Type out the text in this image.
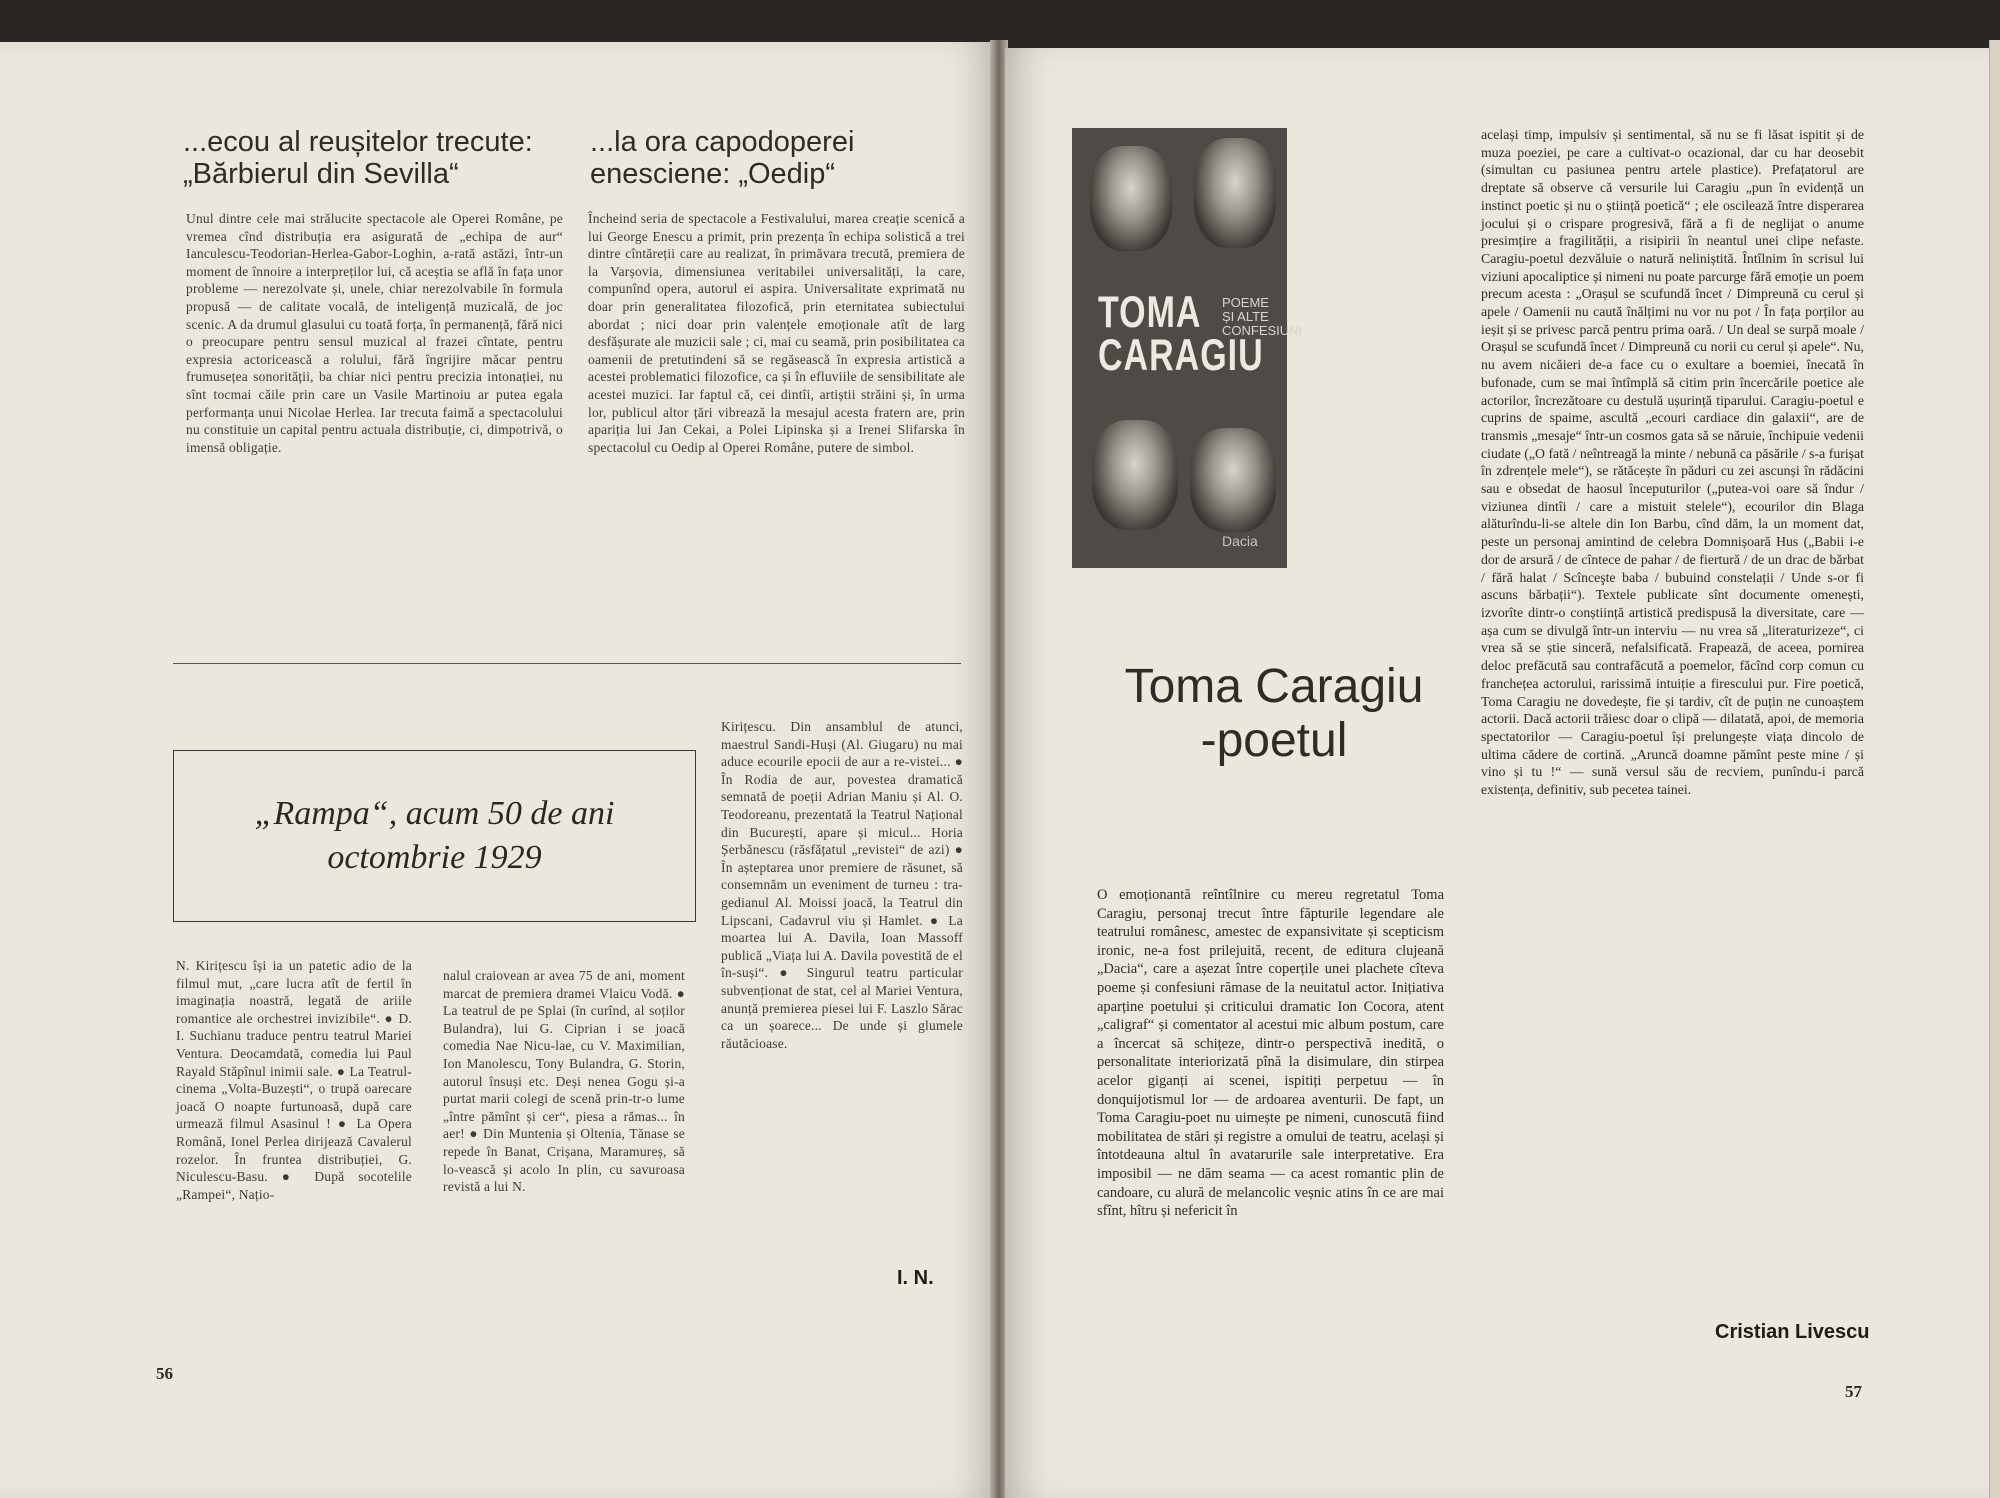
...ecou al reușitelor trecute:
„Bărbierul din Sevilla“
Unul dintre cele mai strălucite spectacole ale Operei Române, pe vremea cînd distribuția era asigurată de „echipa de aur“ Ianculescu-Teodorian-Herlea-Gabor-Loghin, a-rată astăzi, într-un moment de înnoire a interpreților lui, că aceștia se află în fața unor probleme — nerezolvate și, unele, chiar nerezolvabile în formula propusă — de calitate vocală, de inteligență muzicală, de joc scenic. A da drumul glasului cu toată forța, în permanență, fără nici o preocupare pentru sensul muzical al frazei cîntate, pentru expresia actoricească a rolului, fără îngrijire măcar pentru frumusețea sonorității, ba chiar nici pentru precizia intonației, nu sînt tocmai căile prin care un Vasile Martinoiu ar putea egala performanța unui Nicolae Herlea. Iar trecuta faimă a spectacolului nu constituie un capital pentru actuala distribuție, ci, dimpotrivă, o imensă obligație.
...la ora capodoperei
enesciene: „Oedip“
Încheind seria de spectacole a Festivalului, marea creație scenică a lui George Enescu a primit, prin prezența în echipa solistică a trei dintre cîntăreții care au realizat, în primăvara trecută, premiera de la Varșovia, dimensiunea veritabilei universalități, la care, compunînd opera, autorul ei aspira. Universalitate exprimată nu doar prin generalitatea filozofică, prin eternitatea subiectului abordat ; nici doar prin valențele emoționale atît de larg desfășurate ale muzicii sale ; ci, mai cu seamă, prin posibilitatea ca oamenii de pretutindeni să se regăsească în expresia artistică a acestei problematici filozofice, ca și în efluviile de sensibilitate ale acestei muzici. Iar faptul că, cei dintîi, artiștii străini și, în urma lor, publicul altor țări vibrează la mesajul acesta fratern are, prin apariția lui Jan Cekai, a Polei Lipinska și a Irenei Slifarska în spectacolul cu Oedip al Operei Române, putere de simbol.
„Rampa“, acum 50 de ani
octombrie 1929
N. Kirițescu își ia un patetic adio de la filmul mut, „care lucra atît de fertil în imaginația noastră, legată de ariile romantice ale orchestrei invizibile“. ● D. I. Suchianu traduce pentru teatrul Mariei Ventura. Deocamdată, comedia lui Paul Rayald Stăpînul inimii sale. ● La Teatrul-cinema „Volta-Buzești“, o trupă oarecare joacă O noapte furtunoasă, după care urmează filmul Asasinul ! ● La Opera Română, Ionel Perlea dirijează Cavalerul rozelor. În fruntea distribuției, G. Niculescu-Basu. ● După socotelile „Rampei“, Națio-
nalul craiovean ar avea 75 de ani, moment marcat de premiera dramei Vlaicu Vodă. ● La teatrul de pe Splai (în curînd, al soților Bulandra), lui G. Ciprian i se joacă comedia Nae Nicu-lae, cu V. Maximilian, Ion Manolescu, Tony Bulandra, G. Storin, autorul însuși etc. Deși nenea Gogu și-a purtat marii colegi de scenă prin-tr-o lume „între pămînt și cer“, piesa a rămas... în aer! ● Din Muntenia și Oltenia, Tănase se repede în Banat, Crișana, Maramureș, să lo-vească și acolo In plin, cu savuroasa revistă a lui N.
Kirițescu. Din ansamblul de atunci, maestrul Sandi-Huși (Al. Giugaru) nu mai aduce ecourile epocii de aur a re-vistei... ● În Rodia de aur, povestea dramatică semnată de poeții Adrian Maniu și Al. O. Teodoreanu, prezentată la Teatrul Național din București, apare și micul... Horia Șerbănescu (răsfățatul „revistei“ de azi) ● În așteptarea unor premiere de răsunet, să consemnăm un eveniment de turneu : tra-gedianul Al. Moissi joacă, la Teatrul din Lipscani, Cadavrul viu și Hamlet. ● La moartea lui A. Davila, Ioan Massoff publică „Viața lui A. Davila povestită de el în-suși“. ● Singurul teatru particular subvenționat de stat, cel al Mariei Ventura, anunță premierea piesei lui F. Laszlo Sărac ca un șoarece... De unde și glumele răutăcioase.
I. N.
56
TOMA
CARAGIU
POEME
ȘI ALTE
CONFESIUNI
Dacia
Toma Caragiu
-poetul
O emoționantă reîntîlnire cu mereu regretatul Toma Caragiu, personaj trecut între făpturile legendare ale teatrului românesc, amestec de expansivitate și scepticism ironic, ne-a fost prilejuită, recent, de editura clujeană „Dacia“, care a așezat între coperțile unei plachete cîteva poeme și confesiuni rămase de la neuitatul actor. Inițiativa aparține poetului și criticului dramatic Ion Cocora, atent „caligraf“ și comentator al acestui mic album postum, care a încercat să schițeze, dintr-o perspectivă inedită, o personalitate interiorizată pînă la disimulare, din stirpea acelor giganți ai scenei, ispitiți perpetuu — în donquijotismul lor — de ardoarea aventurii. De fapt, un Toma Caragiu-poet nu uimește pe nimeni, cunoscută fiind mobilitatea de stări și registre a omului de teatru, același și întotdeauna altul în avatarurile sale interpretative. Era imposibil — ne dăm seama — ca acest romantic plin de candoare, cu alură de melancolic veșnic atins în ce are mai sfînt, hîtru și nefericit în
același timp, impulsiv și sentimental, să nu se fi lăsat ispitit și de muza poeziei, pe care a cultivat-o ocazional, dar cu har deosebit (simultan cu pasiunea pentru artele plastice). Prefațatorul are dreptate să observe că versurile lui Caragiu „pun în evidență un instinct poetic și nu o știință poetică“ ; ele oscilează între disperarea jocului și o crispare progresivă, fără a fi de neglijat o anume presimțire a fragilității, a risipirii în neantul unei clipe nefaste. Caragiu-poetul dezvăluie o natură neliniștită. Întîlnim în scrisul lui viziuni apocaliptice și nimeni nu poate parcurge fără emoție un poem precum acesta : „Orașul se scufundă încet / Dimpreună cu cerul și apele / Oamenii nu caută înălțimi nu vor nu pot / În fața porților au ieșit și se privesc parcă pentru prima oară. / Un deal se surpă moale / Orașul se scufundă încet / Dimpreună cu norii cu cerul și apele“. Nu, nu avem nicăieri de-a face cu o exultare a boemiei, înecată în bufonade, cum se mai întîmplă să citim prin încercările poetice ale actorilor, încrezătoare cu destulă ușurință tiparului. Caragiu-poetul e cuprins de spaime, ascultă „ecouri cardiace din galaxii“, are de transmis „mesaje“ într-un cosmos gata să se năruie, închipuie vedenii ciudate („O fată / neîntreagă la minte / nebună ca păsările / s-a furișat în zdrențele mele“), se rătăcește în păduri cu zei ascunși în rădăcini sau e obsedat de haosul începuturilor („putea-voi oare să îndur / viziunea dintîi / care a mistuit stelele“), ecourilor din Blaga alăturîndu-li-se altele din Ion Barbu, cînd dăm, la un moment dat, peste un personaj amintind de celebra Domnișoară Hus („Babii i-e dor de arsură / de cîntece de pahar / de fiertură / de un drac de bărbat / fără halat / Scînceşte baba / bubuind constelații / Unde s-or fi ascuns bărbații“). Textele publicate sînt documente omenești, izvorîte dintr-o conștiință artistică predispusă la diversitate, care — așa cum se divulgă într-un interviu — nu vrea să „literaturizeze“, ci vrea să se știe sinceră, nefalsificată. Frapează, de aceea, pornirea deloc prefăcută sau contrafăcută a poemelor, făcînd corp comun cu franchețea actorului, rarissimă intuiție a firescului pur. Fire poetică, Toma Caragiu ne dovedește, fie și tardiv, cît de puțin ne cunoaștem actorii. Dacă actorii trăiesc doar o clipă — dilatată, apoi, de memoria spectatorilor — Caragiu-poetul își prelungește viața dincolo de ultima cădere de cortină. „Aruncă doamne pămînt peste mine / și vino și tu !“ — sună versul său de recviem, punîndu-i parcă existența, definitiv, sub pecetea tainei.
Cristian Livescu
57
